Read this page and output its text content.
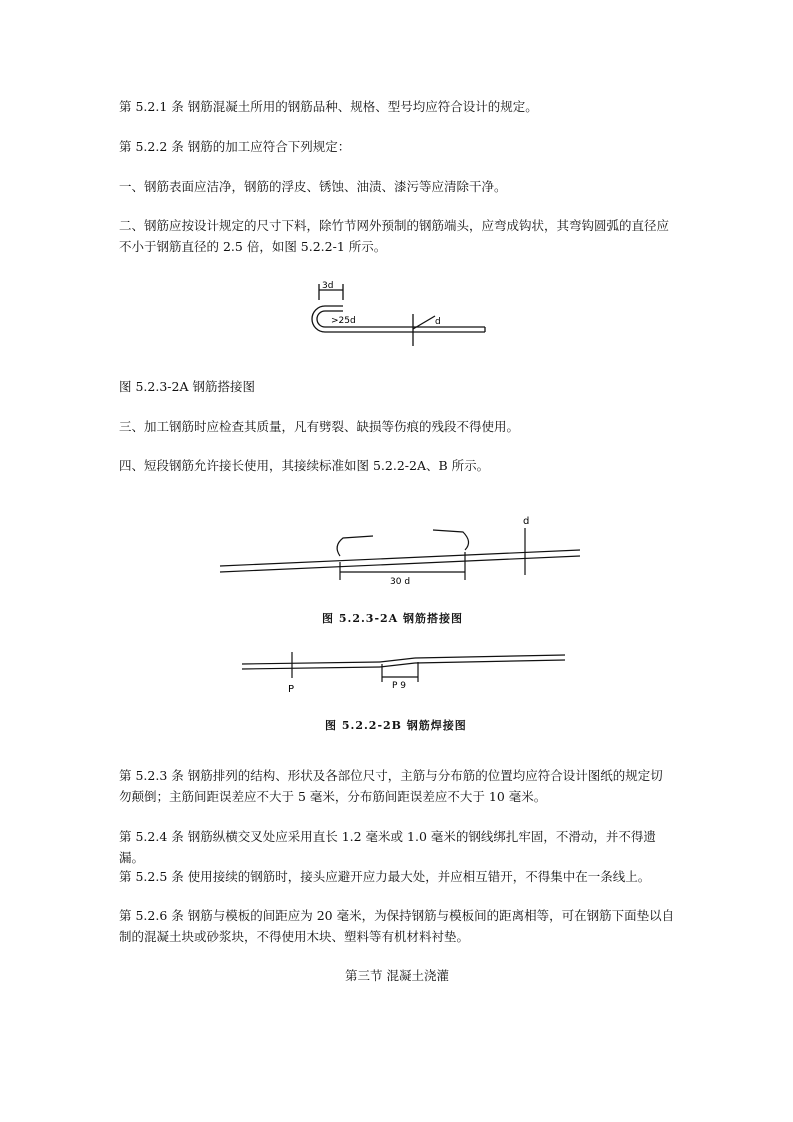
第 5.2.1 条 钢筋混凝土所用的钢筋品种、规格、型号均应符合设计的规定。

第 5.2.2 条 钢筋的加工应符合下列规定：

一、钢筋表面应洁净，钢筋的浮皮、锈蚀、油渍、漆污等应清除干净。

二、钢筋应按设计规定的尺寸下料，除竹节网外预制的钢筋端头，应弯成钩状，其弯钩圆弧的直径应不小于钢筋直径的 2.5 倍，如图 5.2.2-1 所示。

3d
>25d	d

图 5.2.3-2A 钢筋搭接图

三、加工钢筋时应检查其质量，凡有劈裂、缺损等伤痕的残段不得使用。

四、短段钢筋允许接长使用，其接续标准如图 5.2.2-2A、B 所示。

d
30 d
图 5.2.3-2A 钢筋搭接图
P	P 9
图 5.2.2-2B 钢筋焊接图

第 5.2.3 条 钢筋排列的结构、形状及各部位尺寸，主筋与分布筋的位置均应符合设计图纸的规定切勿颠倒；主筋间距误差应不大于 5 毫米，分布筋间距误差应不大于 10 毫米。

第 5.2.4 条 钢筋纵横交叉处应采用直长 1.2 毫米或 1.0 毫米的钢线绑扎牢固，不滑动，并不得遗漏。

第 5.2.5 条 使用接续的钢筋时，接头应避开应力最大处，并应相互错开，不得集中在一条线上。

第 5.2.6 条 钢筋与模板的间距应为 20 毫米，为保持钢筋与模板间的距离相等，可在钢筋下面垫以自制的混凝土块或砂浆块，不得使用木块、塑料等有机材料衬垫。

第三节 混凝土浇灌
